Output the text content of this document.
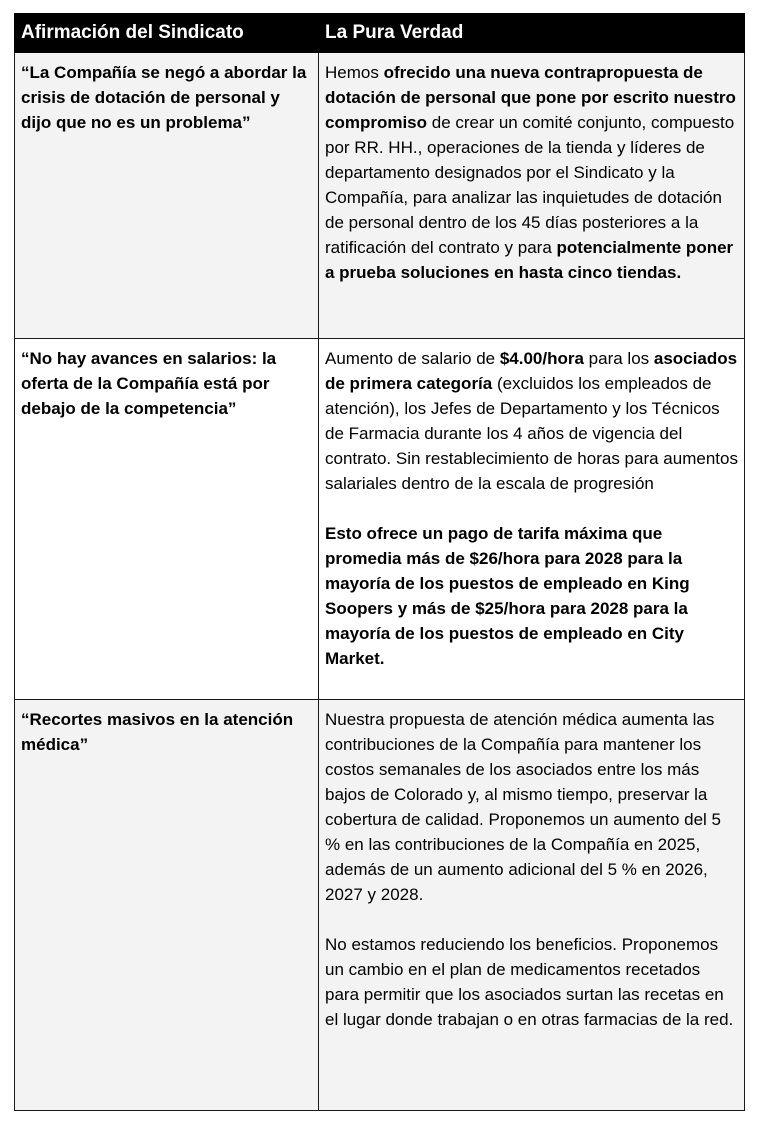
Afirmación del Sindicato	La Pura Verdad
“La Compañía se negó a abordar la crisis de dotación de personal y dijo que no es un problema”	Hemos ofrecido una nueva contrapropuesta de dotación de personal que pone por escrito nuestro compromiso de crear un comité conjunto, compuesto por RR. HH., operaciones de la tienda y líderes de departamento designados por el Sindicato y la Compañía, para analizar las inquietudes de dotación de personal dentro de los 45 días posteriores a la ratificación del contrato y para potencialmente poner a prueba soluciones en hasta cinco tiendas.

“No hay avances en salarios: la oferta de la Compañía está por debajo de la competencia”	Aumento de salario de $4.00/hora para los asociados de primera categoría (excluidos los empleados de atención), los Jefes de Departamento y los Técnicos de Farmacia durante los 4 años de vigencia del contrato. Sin restablecimiento de horas para aumentos salariales dentro de la escala de progresión

Esto ofrece un pago de tarifa máxima que promedia más de $26/hora para 2028 para la mayoría de los puestos de empleado en King Soopers y más de $25/hora para 2028 para la mayoría de los puestos de empleado en City Market.

“Recortes masivos en la atención médica”	Nuestra propuesta de atención médica aumenta las contribuciones de la Compañía para mantener los costos semanales de los asociados entre los más bajos de Colorado y, al mismo tiempo, preservar la cobertura de calidad. Proponemos un aumento del 5 % en las contribuciones de la Compañía en 2025, además de un aumento adicional del 5 % en 2026, 2027 y 2028.

No estamos reduciendo los beneficios. Proponemos un cambio en el plan de medicamentos recetados para permitir que los asociados surtan las recetas en el lugar donde trabajan o en otras farmacias de la red.
